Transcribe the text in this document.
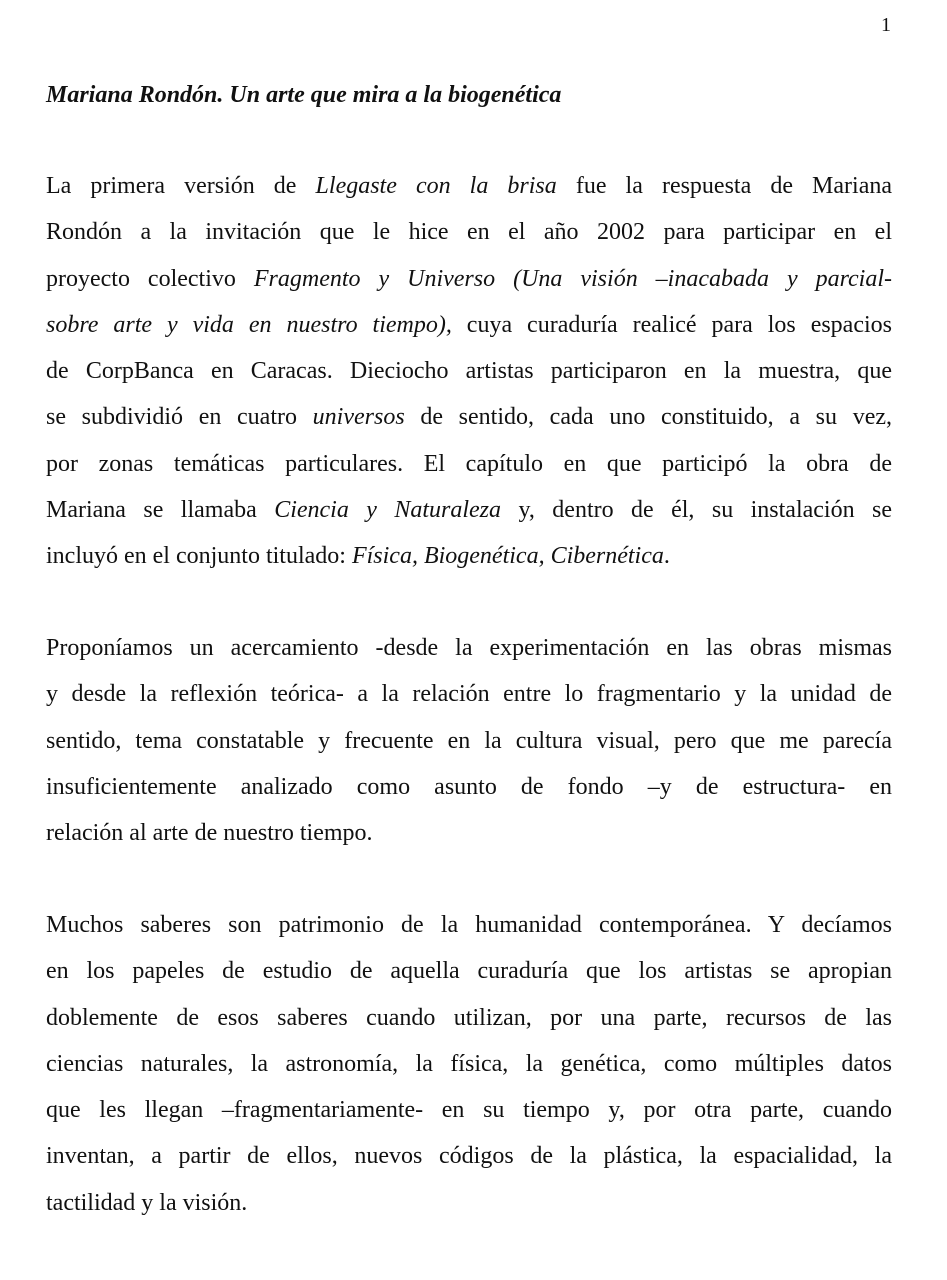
1
Mariana Rondón. Un arte que mira a la biogenética
La primera versión de Llegaste con la brisa fue la respuesta de Mariana
Rondón a la invitación que le hice en el año 2002 para participar en el
proyecto colectivo Fragmento y Universo (Una visión –inacabada y parcial-
sobre arte y vida en nuestro tiempo), cuya curaduría realicé para los espacios
de CorpBanca en Caracas. Dieciocho artistas participaron en la muestra, que
se subdividió en cuatro universos de sentido, cada uno constituido, a su vez,
por zonas temáticas particulares. El capítulo en que participó la obra de
Mariana se llamaba Ciencia y Naturaleza y, dentro de él, su instalación se
incluyó en el conjunto titulado: Física, Biogenética, Cibernética.
Proponíamos un acercamiento -desde la experimentación en las obras mismas
y desde la reflexión teórica- a la relación entre lo fragmentario y la unidad de
sentido, tema constatable y frecuente en la cultura visual, pero que me parecía
insuficientemente analizado como asunto de fondo –y de estructura- en
relación al arte de nuestro tiempo.
Muchos saberes son patrimonio de la humanidad contemporánea. Y decíamos
en los papeles de estudio de aquella curaduría que los artistas se apropian
doblemente de esos saberes cuando utilizan, por una parte, recursos de las
ciencias naturales, la astronomía, la física, la genética, como múltiples datos
que les llegan –fragmentariamente- en su tiempo y, por otra parte, cuando
inventan, a partir de ellos, nuevos códigos de la plástica, la espacialidad, la
tactilidad y la visión.
